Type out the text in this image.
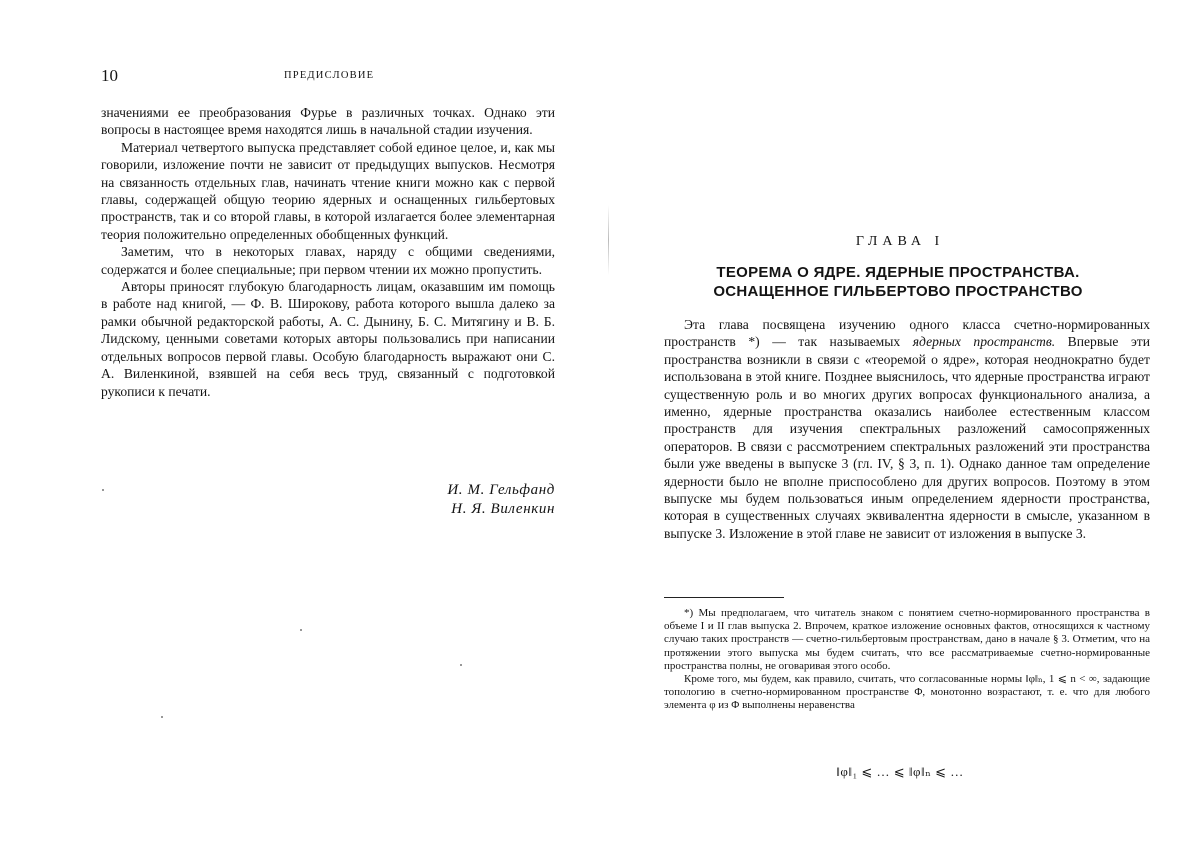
10	ПРЕДИСЛОВИЕ

значениями ее преобразования Фурье в различных точках. Однако эти вопросы в настоящее время находятся лишь в начальной стадии изучения.

Материал четвертого выпуска представляет собой единое целое, и, как мы говорили, изложение почти не зависит от предыдущих выпусков. Несмотря на связанность отдельных глав, начинать чтение книги можно как с первой главы, содержащей общую теорию ядерных и оснащенных гильбертовых пространств, так и со второй главы, в которой излагается более элементарная теория положительно определенных обобщенных функций.

Заметим, что в некоторых главах, наряду с общими сведениями, содержатся и более специальные; при первом чтении их можно пропустить.

Авторы приносят глубокую благодарность лицам, оказавшим им помощь в работе над книгой, — Ф. В. Широкову, работа которого вышла далеко за рамки обычной редакторской работы, А. С. Дынину, Б. С. Митягину и В. Б. Лидскому, ценными советами которых авторы пользовались при написании отдельных вопросов первой главы. Особую благодарность выражают они С. А. Виленкиной, взявшей на себя весь труд, связанный с подготовкой рукописи к печати.

И. М. Гельфанд
Н. Я. Виленкин
ГЛАВА I
ТЕОРЕМА О ЯДРЕ. ЯДЕРНЫЕ ПРОСТРАНСТВА.
ОСНАЩЕННОЕ ГИЛЬБЕРТОВО ПРОСТРАНСТВО

Эта глава посвящена изучению одного класса счетно-нормированных пространств *) — так называемых ядерных пространств. Впервые эти пространства возникли в связи с «теоремой о ядре», которая неоднократно будет использована в этой книге. Позднее выяснилось, что ядерные пространства играют существенную роль и во многих других вопросах функционального анализа, а именно, ядерные пространства оказались наиболее естественным классом пространств для изучения спектральных разложений самосопряженных операторов. В связи с рассмотрением спектральных разложений эти пространства были уже введены в выпуске 3 (гл. IV, § 3, п. 1). Однако данное там определение ядерности было не вполне приспособлено для других вопросов. Поэтому в этом выпуске мы будем пользоваться иным определением ядерности пространства, которая в существенных случаях эквивалентна ядерности в смысле, указанном в выпуске 3. Изложение в этой главе не зависит от изложения в выпуске 3.

*) Мы предполагаем, что читатель знаком с понятием счетно-нормированного пространства в объеме I и II глав выпуска 2. Впрочем, краткое изложение основных фактов, относящихся к частному случаю таких пространств — счетно-гильбертовым пространствам, дано в начале § 3. Отметим, что на протяжении этого выпуска мы будем считать, что все рассматриваемые счетно-нормированные пространства полны, не оговаривая этого особо.

Кроме того, мы будем, как правило, считать, что согласованные нормы ‖φ‖ₙ, 1 ⩽ n < ∞, задающие топологию в счетно-нормированном пространстве Φ, монотонно возрастают, т. е. что для любого элемента φ из Φ выполнены неравенства

‖φ‖₁ ⩽ … ⩽ ‖φ‖ₙ ⩽ …
